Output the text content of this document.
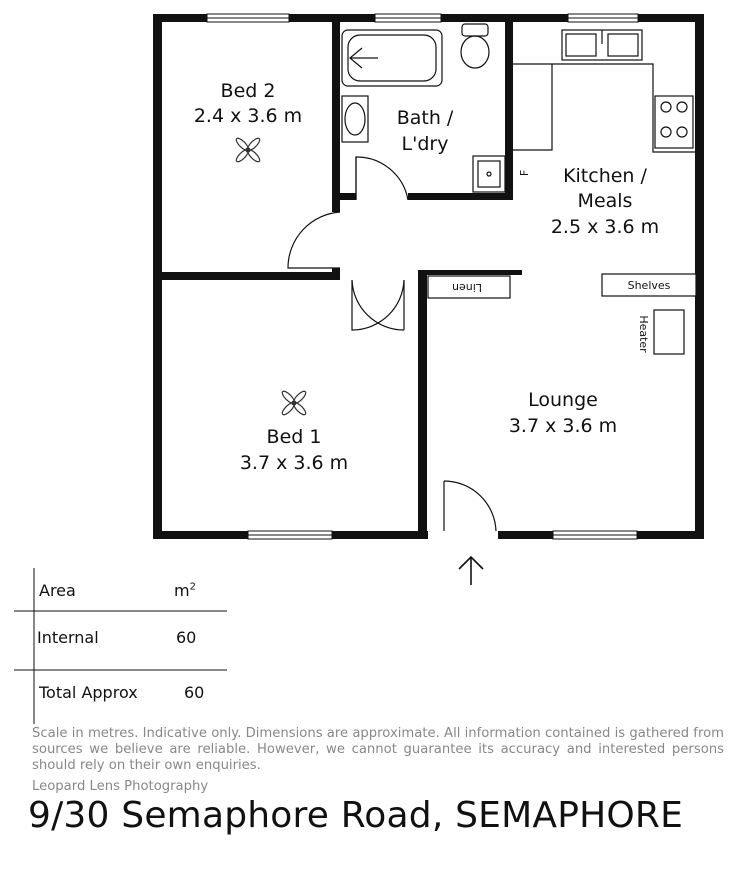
Linen	Shelves
Heater
F
Bed 2
2.4 x 3.6 m	Bath /
L'dry
Kitchen /
Meals
2.5 x 3.6 m
Bed 1
3.7 x 3.6 m
Lounge
3.7 x 3.6 m
Area	$m^2$
Internal	60
Total Approx	60
Scale in metres. Indicative only. Dimensions are approximate. All information contained is gathered from sources we believe are reliable. However, we cannot guarantee its accuracy and interested persons should rely on their own enquiries.
Leopard Lens Photography
9/30 Semaphore Road, SEMAPHORE
